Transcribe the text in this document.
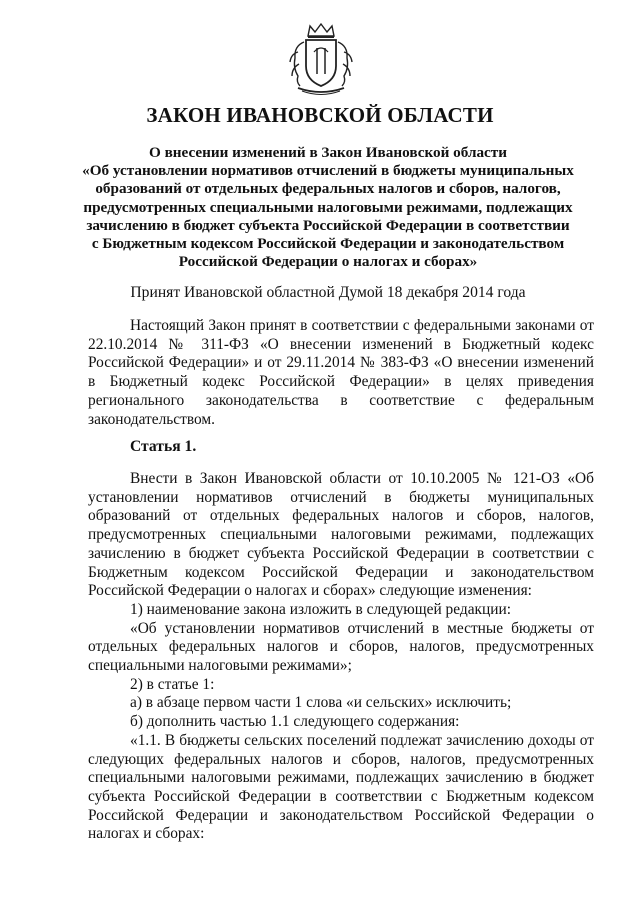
ЗАКОН ИВАНОВСКОЙ ОБЛАСТИ
О внесении изменений в Закон Ивановской области
«Об установлении нормативов отчислений в бюджеты муниципальных
образований от отдельных федеральных налогов и сборов, налогов,
предусмотренных специальными налоговыми режимами, подлежащих
зачислению в бюджет субъекта Российской Федерации в соответствии
с Бюджетным кодексом Российской Федерации и законодательством
Российской Федерации о налогах и сборах»
Принят Ивановской областной Думой 18 декабря 2014 года

Настоящий Закон принят в соответствии с федеральными законами от 22.10.2014 № 311-ФЗ «О внесении изменений в Бюджетный кодекс Российской Федерации» и от 29.11.2014 № 383-ФЗ «О внесении изменений в Бюджетный кодекс Российской Федерации» в целях приведения регионального законодательства в соответствие с федеральным законодательством.

Статья 1.

Внести в Закон Ивановской области от 10.10.2005 № 121-ОЗ «Об установлении нормативов отчислений в бюджеты муниципальных образований от отдельных федеральных налогов и сборов, налогов, предусмотренных специальными налоговыми режимами, подлежащих зачислению в бюджет субъекта Российской Федерации в соответствии с Бюджетным кодексом Российской Федерации и законодательством Российской Федерации о налогах и сборах» следующие изменения:

1) наименование закона изложить в следующей редакции:

«Об установлении нормативов отчислений в местные бюджеты от отдельных федеральных налогов и сборов, налогов, предусмотренных специальными налоговыми режимами»;

2) в статье 1:

а) в абзаце первом части 1 слова «и сельских» исключить;

б) дополнить частью 1.1 следующего содержания:

«1.1. В бюджеты сельских поселений подлежат зачислению доходы от следующих федеральных налогов и сборов, налогов, предусмотренных специальными налоговыми режимами, подлежащих зачислению в бюджет субъекта Российской Федерации в соответствии с Бюджетным кодексом Российской Федерации и законодательством Российской Федерации о налогах и сборах:
